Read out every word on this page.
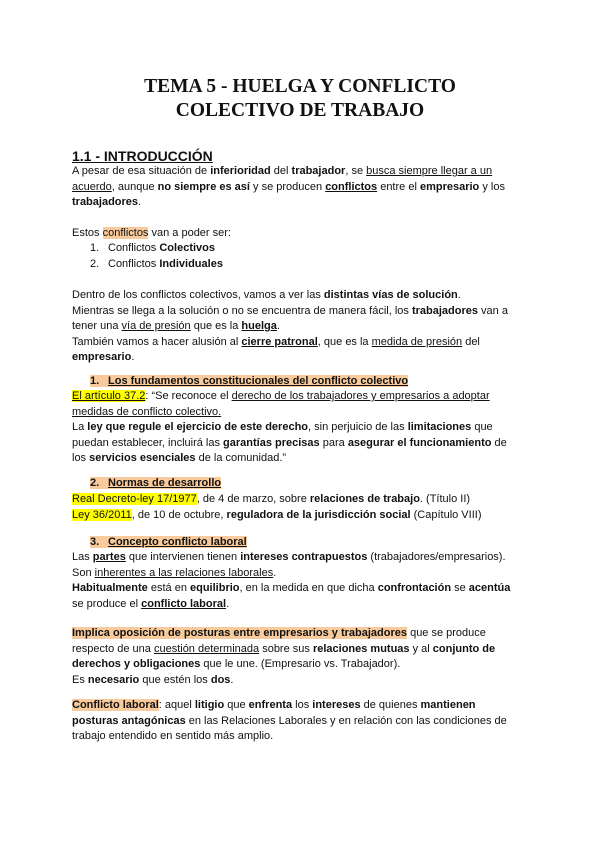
TEMA 5 - HUELGA Y CONFLICTO
COLECTIVO DE TRABAJO
1.1 - INTRODUCCIÓN
A pesar de esa situación de inferioridad del trabajador, se busca siempre llegar a un
acuerdo, aunque no siempre es así y se producen conflictos entre el empresario y los
trabajadores.
Estos conflictos van a poder ser:
1. Conflictos Colectivos
2. Conflictos Individuales
Dentro de los conflictos colectivos, vamos a ver las distintas vías de solución.
Mientras se llega a la solución o no se encuentra de manera fácil, los trabajadores van a
tener una vía de presión que es la huelga.
También vamos a hacer alusión al cierre patronal, que es la medida de presión del
empresario.
1. Los fundamentos constitucionales del conflicto colectivo
El artículo 37.2: “Se reconoce el derecho de los trabajadores y empresarios a adoptar
medidas de conflicto colectivo.
La ley que regule el ejercicio de este derecho, sin perjuicio de las limitaciones que
puedan establecer, incluirá las garantías precisas para asegurar el funcionamiento de
los servicios esenciales de la comunidad.”
2. Normas de desarrollo
Real Decreto-ley 17/1977, de 4 de marzo, sobre relaciones de trabajo. (Título II)
Ley 36/2011, de 10 de octubre, reguladora de la jurisdicción social (Capítulo VIII)
3. Concepto conflicto laboral
Las partes que intervienen tienen intereses contrapuestos (trabajadores/empresarios).
Son inherentes a las relaciones laborales.
Habitualmente está en equilibrio, en la medida en que dicha confrontación se acentúa
se produce el conflicto laboral.
Implica oposición de posturas entre empresarios y trabajadores que se produce
respecto de una cuestión determinada sobre sus relaciones mutuas y al conjunto de
derechos y obligaciones que le une. (Empresario vs. Trabajador).
Es necesario que estén los dos.
Conflicto laboral: aquel litigio que enfrenta los intereses de quienes mantienen
posturas antagónicas en las Relaciones Laborales y en relación con las condiciones de
trabajo entendido en sentido más amplio.
